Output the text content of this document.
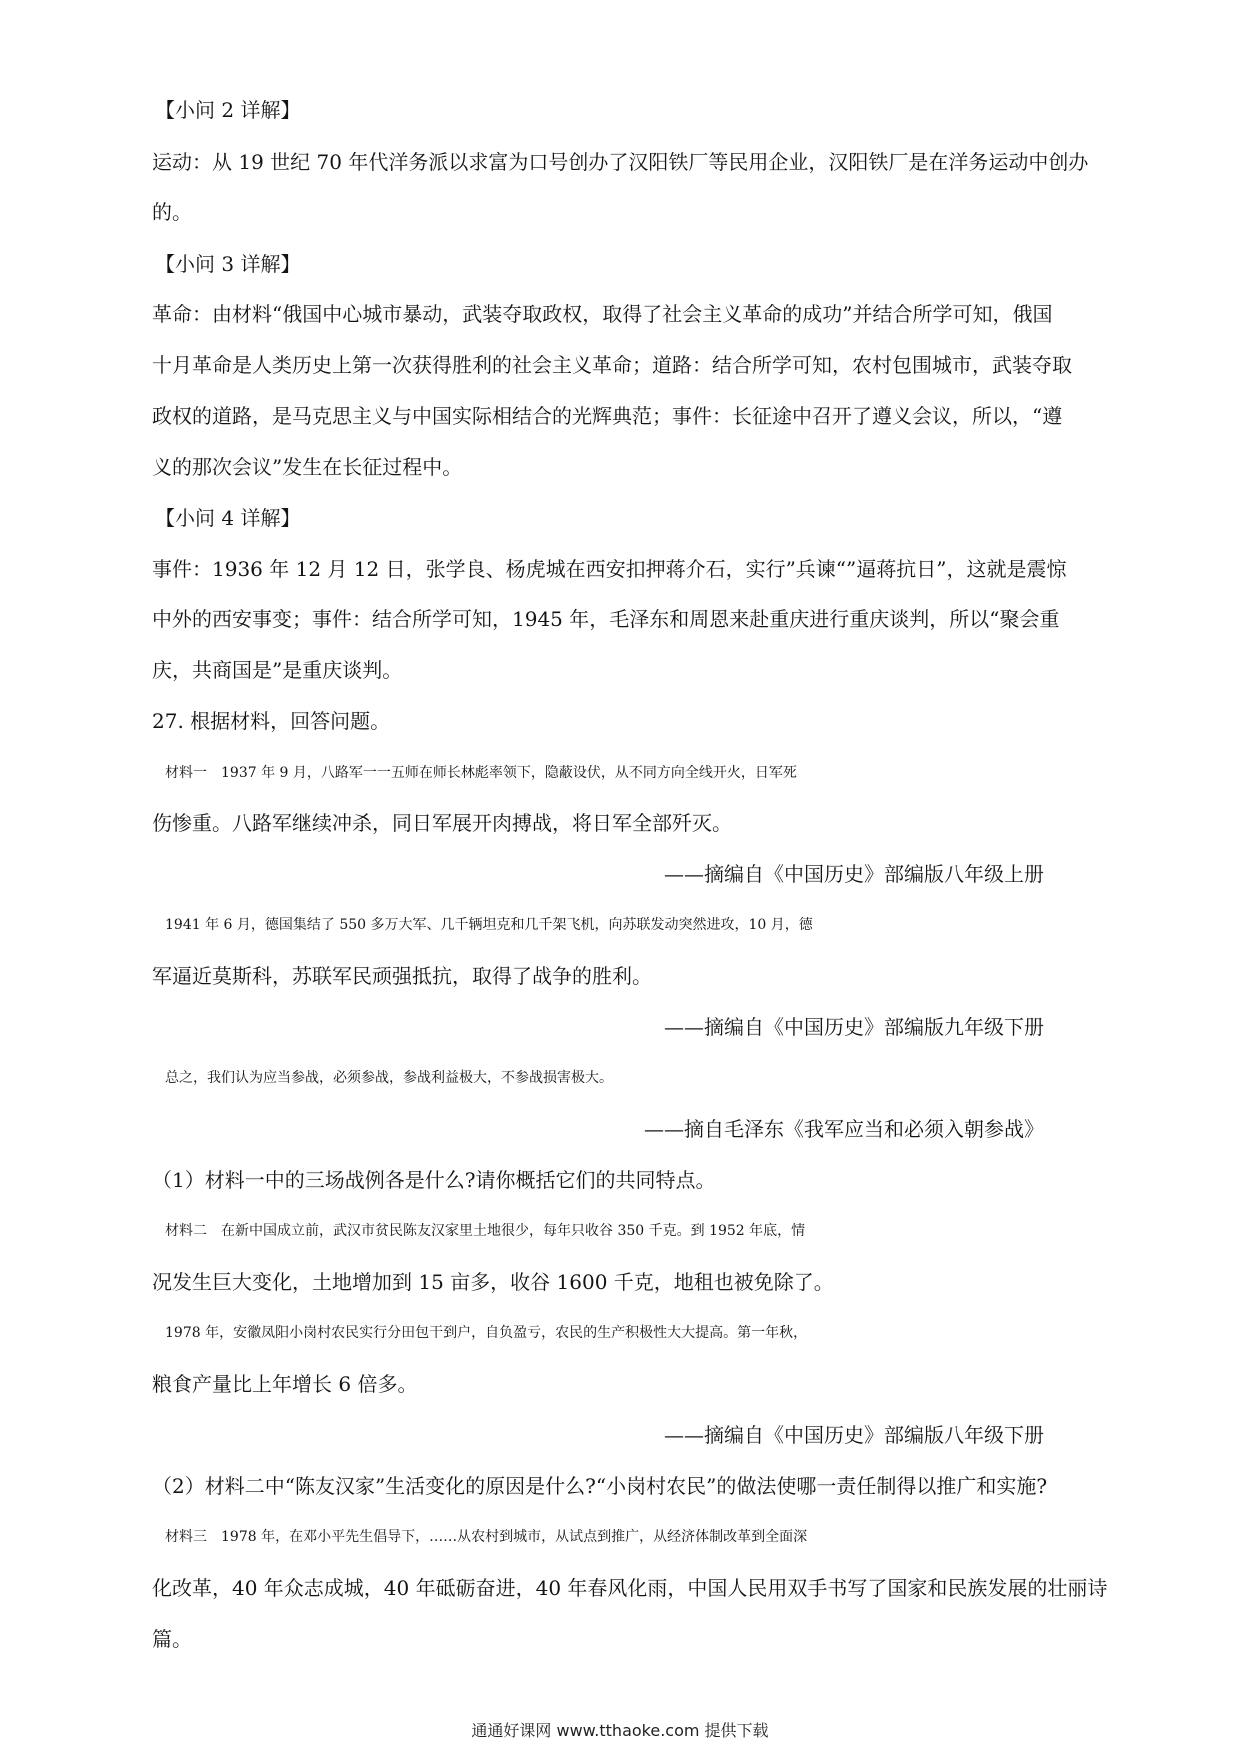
【小问 2 详解】
运动：从 19 世纪 70 年代洋务派以求富为口号创办了汉阳铁厂等民用企业，汉阳铁厂是在洋务运动中创办
的。
【小问 3 详解】
革命：由材料“俄国中心城市暴动，武装夺取政权，取得了社会主义革命的成功”并结合所学可知，俄国
十月革命是人类历史上第一次获得胜利的社会主义革命；道路：结合所学可知，农村包围城市，武装夺取
政权的道路，是马克思主义与中国实际相结合的光辉典范；事件：长征途中召开了遵义会议，所以，“遵
义的那次会议”发生在长征过程中。
【小问 4 详解】
事件：1936 年 12 月 12 日，张学良、杨虎城在西安扣押蒋介石，实行”兵谏“”逼蒋抗日”，这就是震惊
中外的西安事变；事件：结合所学可知，1945 年，毛泽东和周恩来赴重庆进行重庆谈判，所以“聚会重
庆，共商国是”是重庆谈判。
27. 根据材料，回答问题。
材料一　1937 年 9 月，八路军一一五师在师长林彪率领下，隐蔽设伏，从不同方向全线开火，日军死
伤惨重。八路军继续冲杀，同日军展开肉搏战，将日军全部歼灭。
——摘编自《中国历史》部编版八年级上册
1941 年 6 月，德国集结了 550 多万大军、几千辆坦克和几千架飞机，向苏联发动突然进攻，10 月，德
军逼近莫斯科，苏联军民顽强抵抗，取得了战争的胜利。
——摘编自《中国历史》部编版九年级下册
总之，我们认为应当参战，必须参战，参战利益极大，不参战损害极大。
——摘自毛泽东《我军应当和必须入朝参战》
（1）材料一中的三场战例各是什么?请你概括它们的共同特点。
材料二　在新中国成立前，武汉市贫民陈友汉家里土地很少，每年只收谷 350 千克。到 1952 年底，情
况发生巨大变化，土地增加到 15 亩多，收谷 1600 千克，地租也被免除了。
1978 年，安徽凤阳小岗村农民实行分田包干到户，自负盈亏，农民的生产积极性大大提高。第一年秋，
粮食产量比上年增长 6 倍多。
——摘编自《中国历史》部编版八年级下册
（2）材料二中“陈友汉家”生活变化的原因是什么?“小岗村农民”的做法使哪一责任制得以推广和实施?
材料三　1978 年，在邓小平先生倡导下，……从农村到城市，从试点到推广，从经济体制改革到全面深
化改革，40 年众志成城，40 年砥砺奋进，40 年春风化雨，中国人民用双手书写了国家和民族发展的壮丽诗
篇。
通通好课网 www.tthaoke.com 提供下载
